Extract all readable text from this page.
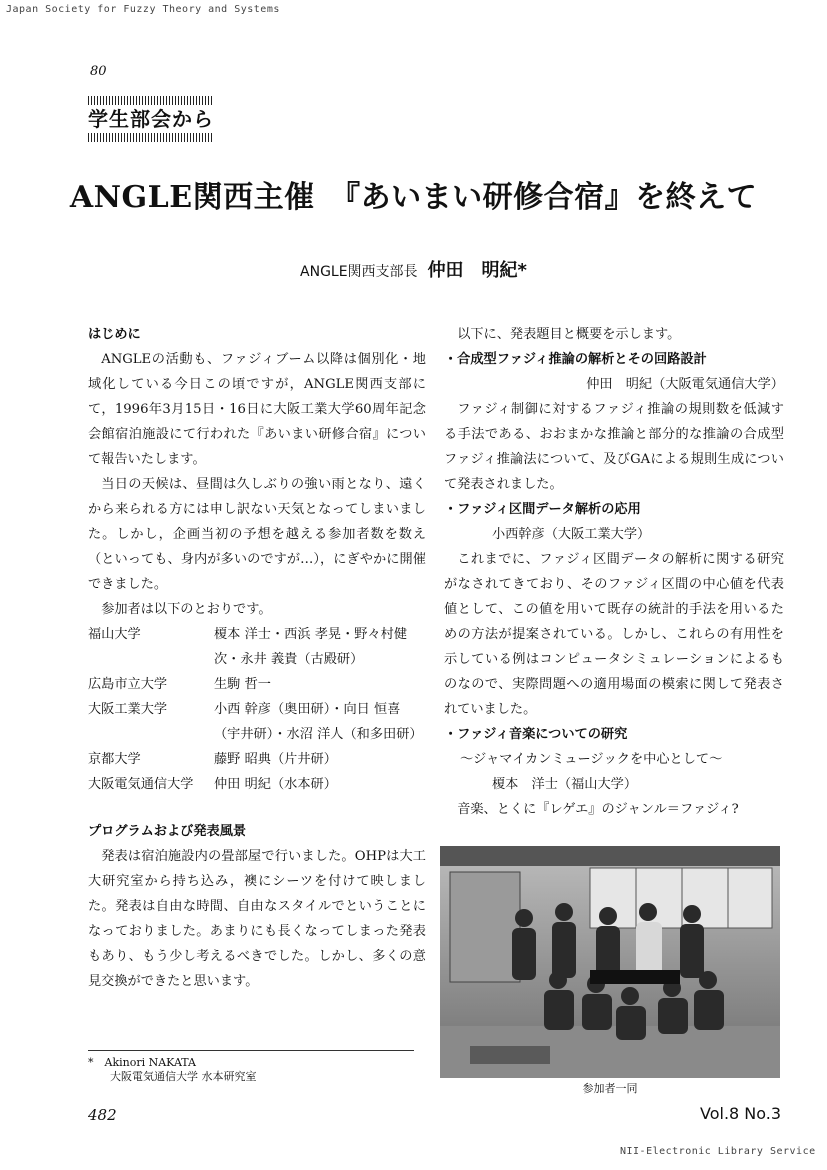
Japan Society for Fuzzy Theory and Systems
80
学生部会から
ANGLE関西主催　『あいまい研修合宿』を終えて
ANGLE関西支部長 仲田　明紀*
はじめに

ANGLEの活動も、ファジィブーム以降は個別化・地域化している今日この頃ですが，ANGLE関西支部にて，1996年3月15日・16日に大阪工業大学60周年記念会館宿泊施設にて行われた『あいまい研修合宿』について報告いたします。

当日の天候は、昼間は久しぶりの強い雨となり、遠くから来られる方には申し訳ない天気となってしまいました。しかし，企画当初の予想を越える参加者数を数え（といっても、身内が多いのですが…），にぎやかに開催できました。

参加者は以下のとおりです。

福山大学	榎本 洋士・西浜 孝晃・野々村健次・永井 義貴（古殿研）
広島市立大学	生駒 哲一
大阪工業大学	小西 幹彦（奥田研）・向日 恒喜（宇井研）・水沼 洋人（和多田研）
京都大学	藤野 昭典（片井研）
大阪電気通信大学	仲田 明紀（水本研）
プログラムおよび発表風景

発表は宿泊施設内の畳部屋で行いました。OHPは大工大研究室から持ち込み，襖にシーツを付けて映しました。発表は自由な時間、自由なスタイルでということになっておりました。あまりにも長くなってしまった発表もあり、もう少し考えるべきでした。しかし、多くの意見交換ができたと思います。

以下に、発表題目と概要を示します。

・合成型ファジィ推論の解析とその回路設計

仲田　明紀（大阪電気通信大学）

ファジィ制御に対するファジィ推論の規則数を低減する手法である、おおまかな推論と部分的な推論の合成型ファジィ推論法について、及びGAによる規則生成について発表されました。

・ファジィ区間データ解析の応用

小西幹彦（大阪工業大学）

これまでに、ファジィ区間データの解析に関する研究がなされてきており、そのファジィ区間の中心値を代表値として、この値を用いて既存の統計的手法を用いるための方法が提案されている。しかし、これらの有用性を示している例はコンピュータシミュレーションによるものなので、実際問題への適用場面の模索に関して発表されていました。

・ファジィ音楽についての研究

～ジャマイカンミュージックを中心として～

榎本　洋士（福山大学）

音楽、とくに『レゲエ』のジャンル＝ファジィ?

参加者一同
*　 Akinori NAKATA
大阪電気通信大学 水本研究室
482	Vol.8 No.3
NII-Electronic Library Service
